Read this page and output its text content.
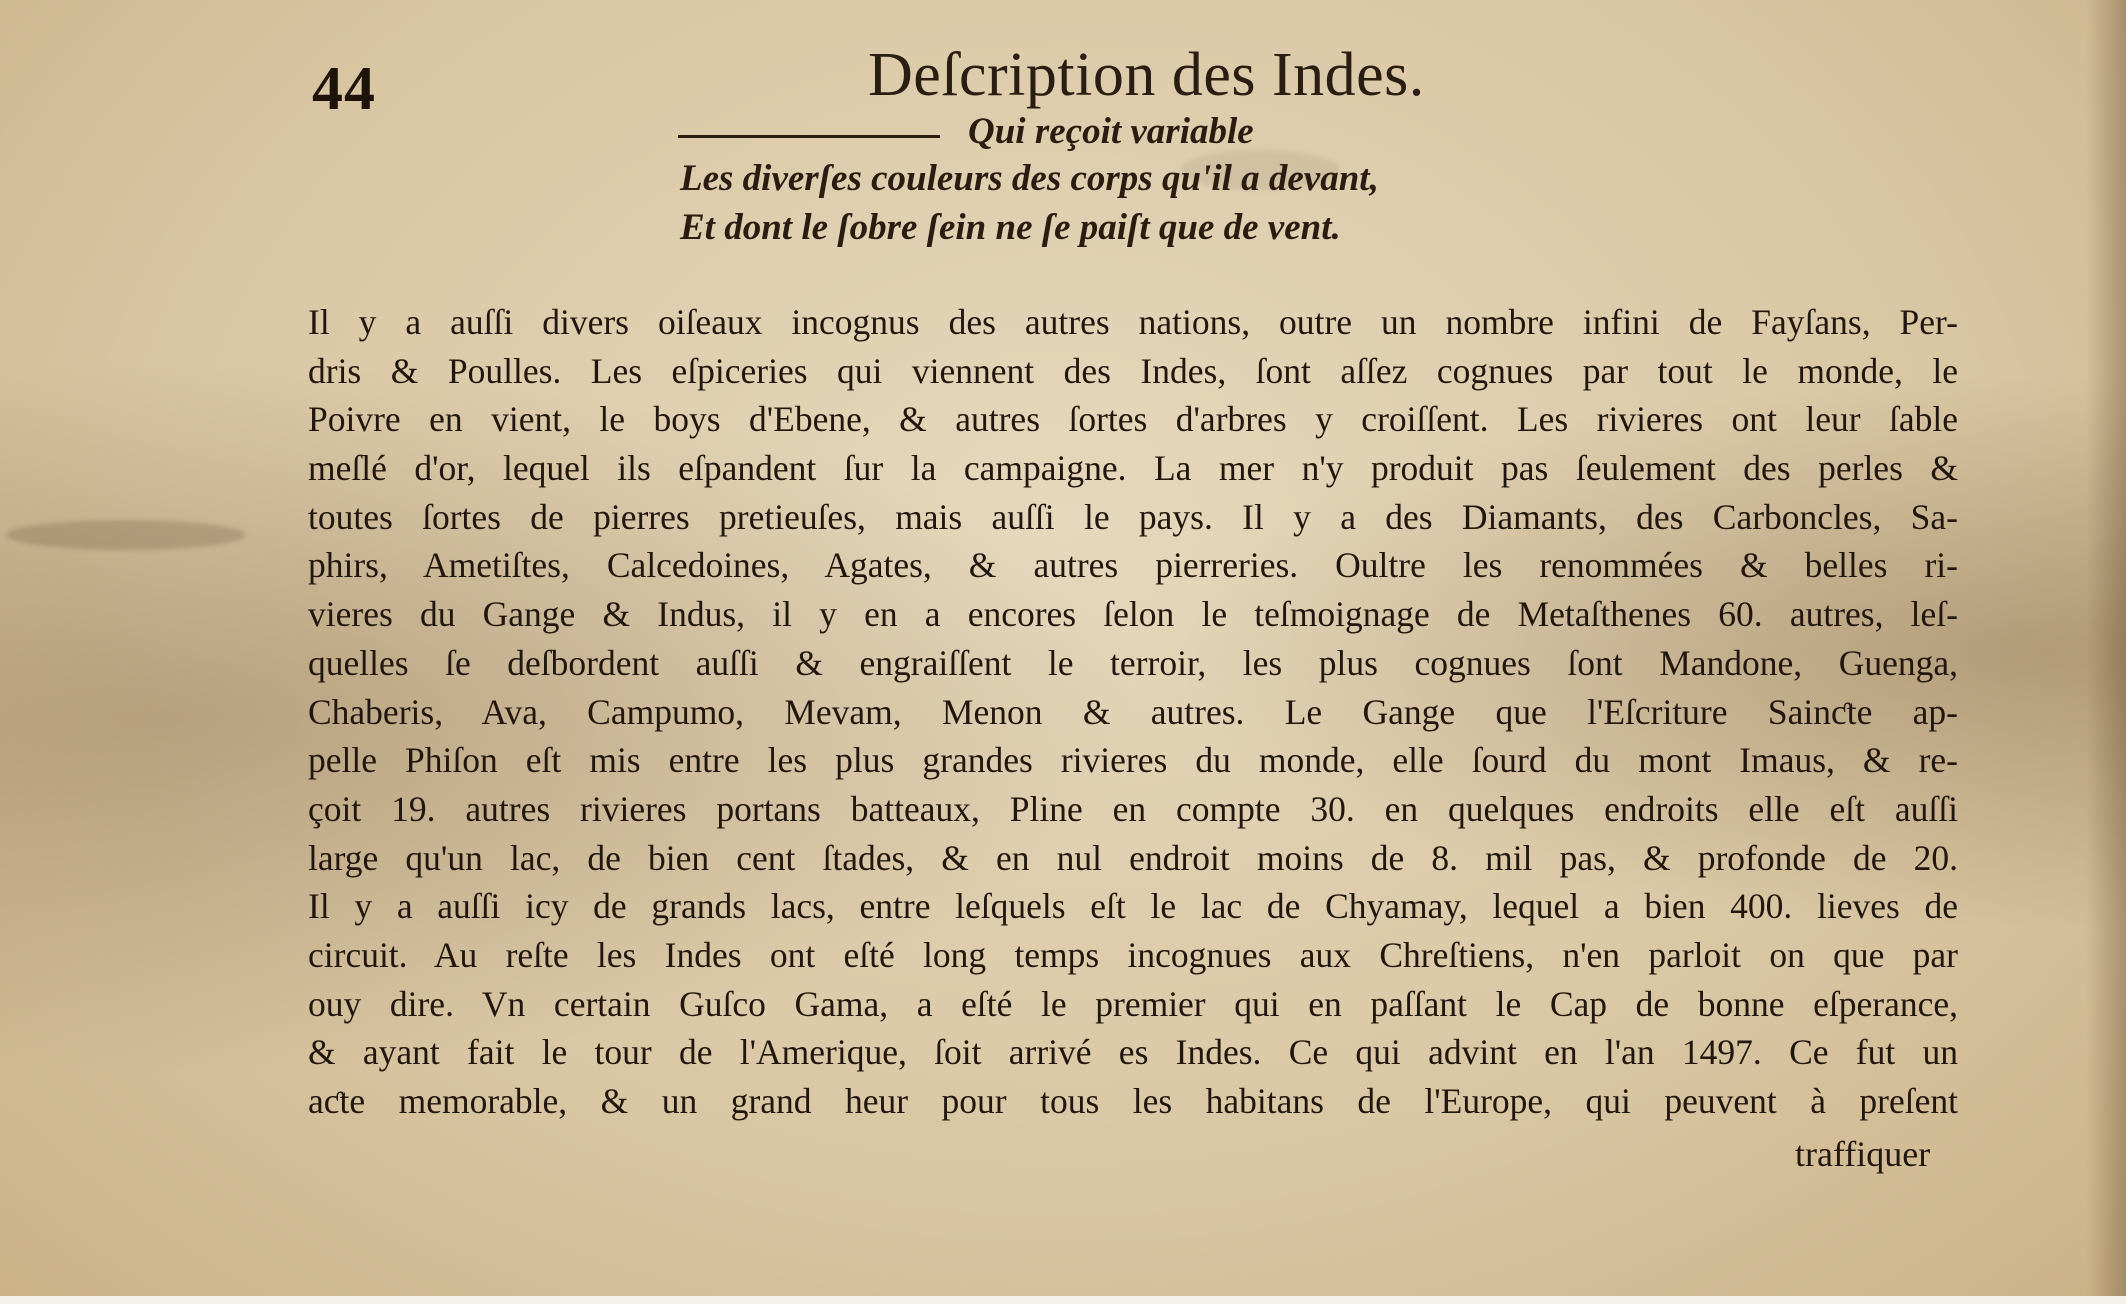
44	Deſcription des Indes.
Qui reçoit variable
Les diverſes couleurs des corps qu'il a devant,
Et dont le ſobre ſein ne ſe paiſt que de vent.
Il y a auſſi divers oiſeaux incognus des autres nations, outre un nombre infini de Fayſans, Per-
dris & Poulles. Les eſpiceries qui viennent des Indes, ſont aſſez cognues par tout le monde, le
Poivre en vient, le boys d'Ebene, & autres ſortes d'arbres y croiſſent. Les rivieres ont leur ſable
meſlé d'or, lequel ils eſpandent ſur la campaigne. La mer n'y produit pas ſeulement des perles &
toutes ſortes de pierres pretieuſes, mais auſſi le pays. Il y a des Diamants, des Carboncles, Sa-
phirs, Ametiſtes, Calcedoines, Agates, & autres pierreries. Oultre les renommées & belles ri-
vieres du Gange & Indus, il y en a encores ſelon le teſmoignage de Metaſthenes 60. autres, leſ-
quelles ſe deſbordent auſſi & engraiſſent le terroir, les plus cognues ſont Mandone, Guenga,
Chaberis, Ava, Campumo, Mevam, Menon & autres. Le Gange que l'Eſcriture Sainƈte ap-
pelle Phiſon eſt mis entre les plus grandes rivieres du monde, elle ſourd du mont Imaus, & re-
çoit 19. autres rivieres portans batteaux, Pline en compte 30. en quelques endroits elle eſt auſſi
large qu'un lac, de bien cent ſtades, & en nul endroit moins de 8. mil pas, & profonde de 20.
Il y a auſſi icy de grands lacs, entre leſquels eſt le lac de Chyamay, lequel a bien 400. lieves de
circuit. Au reſte les Indes ont eſté long temps incognues aux Chreſtiens, n'en parloit on que par
ouy dire. Vn certain Guſco Gama, a eſté le premier qui en paſſant le Cap de bonne eſperance,
& ayant fait le tour de l'Amerique, ſoit arrivé es Indes. Ce qui advint en l'an 1497. Ce fut un
aƈte memorable, & un grand heur pour tous les habitans de l'Europe, qui peuvent à preſent
traffiquer
